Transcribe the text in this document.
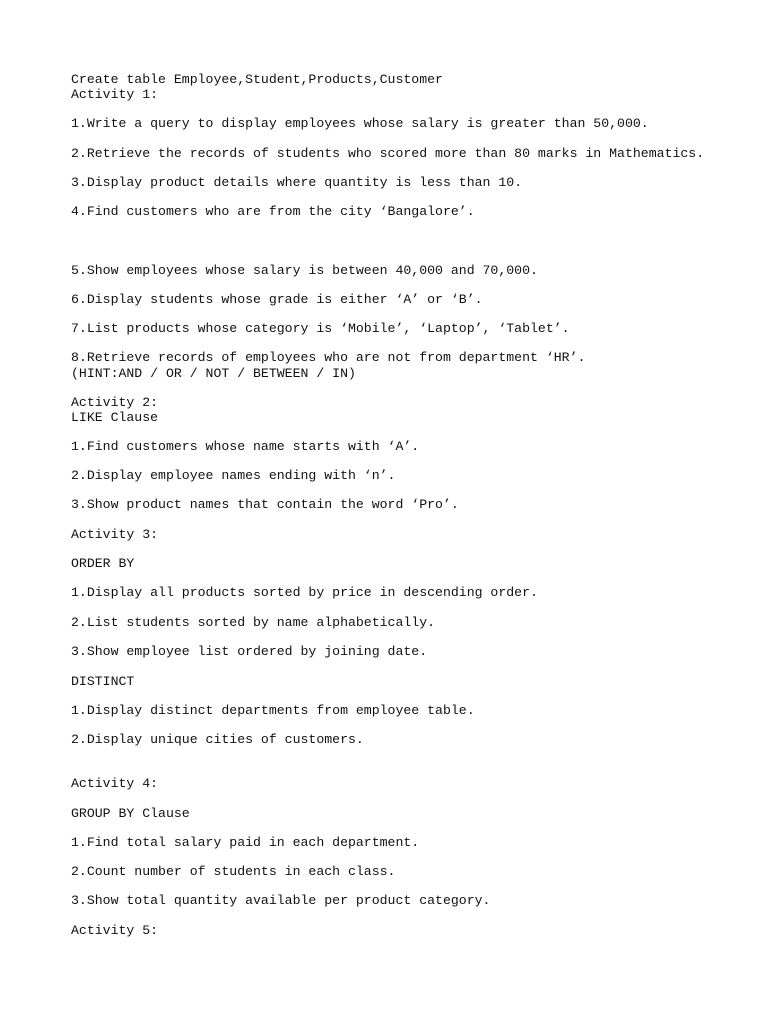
Create table Employee,Student,Products,Customer

Activity 1:

1.Write a query to display employees whose salary is greater than 50,000.

2.Retrieve the records of students who scored more than 80 marks in Mathematics.

3.Display product details where quantity is less than 10.

4.Find customers who are from the city ‘Bangalore’.

5.Show employees whose salary is between 40,000 and 70,000.

6.Display students whose grade is either ‘A’ or ‘B’.

7.List products whose category is ‘Mobile’, ‘Laptop’, ‘Tablet’.

8.Retrieve records of employees who are not from department ‘HR’.

(HINT:AND / OR / NOT / BETWEEN / IN)

Activity 2:

LIKE Clause

1.Find customers whose name starts with ‘A’.

2.Display employee names ending with ‘n’.

3.Show product names that contain the word ‘Pro’.

Activity 3:

ORDER BY

1.Display all products sorted by price in descending order.

2.List students sorted by name alphabetically.

3.Show employee list ordered by joining date.

DISTINCT

1.Display distinct departments from employee table.

2.Display unique cities of customers.

Activity 4:

GROUP BY Clause

1.Find total salary paid in each department.

2.Count number of students in each class.

3.Show total quantity available per product category.

Activity 5:
